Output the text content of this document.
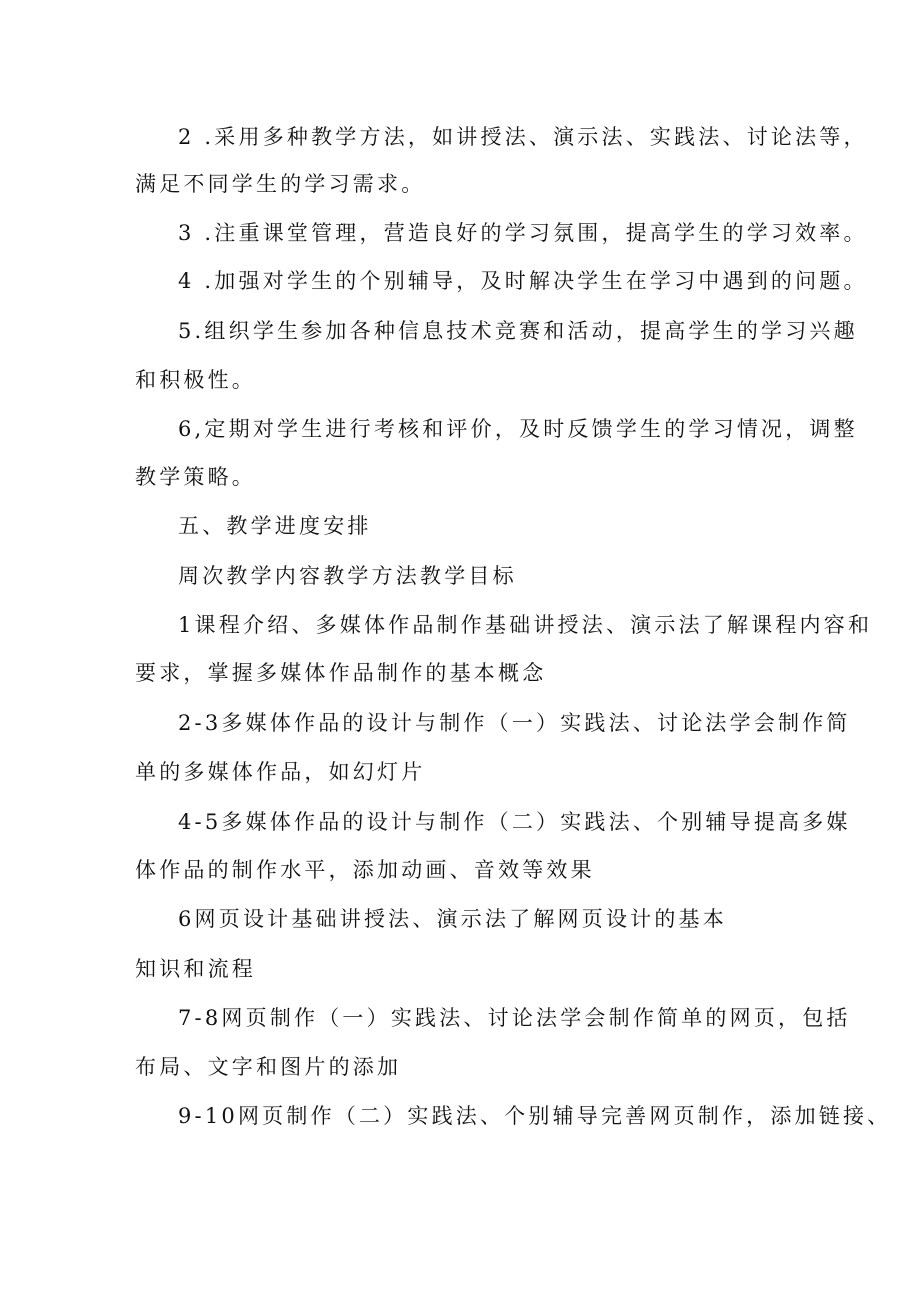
2 .采用多种教学方法，如讲授法、演示法、实践法、讨论法等，
满足不同学生的学习需求。
3 .注重课堂管理，营造良好的学习氛围，提高学生的学习效率。
4 .加强对学生的个别辅导，及时解决学生在学习中遇到的问题。
5.组织学生参加各种信息技术竞赛和活动，提高学生的学习兴趣
和积极性。
6,定期对学生进行考核和评价，及时反馈学生的学习情况，调整
教学策略。
五、教学进度安排
周次教学内容教学方法教学目标
1课程介绍、多媒体作品制作基础讲授法、演示法了解课程内容和
要求，掌握多媒体作品制作的基本概念
2-3多媒体作品的设计与制作（一）实践法、讨论法学会制作简
单的多媒体作品，如幻灯片
4-5多媒体作品的设计与制作（二）实践法、个别辅导提高多媒
体作品的制作水平，添加动画、音效等效果
6网页设计基础讲授法、演示法了解网页设计的基本
知识和流程
7-8网页制作（一）实践法、讨论法学会制作简单的网页，包括
布局、文字和图片的添加
9-10网页制作（二）实践法、个别辅导完善网页制作，添加链接、
